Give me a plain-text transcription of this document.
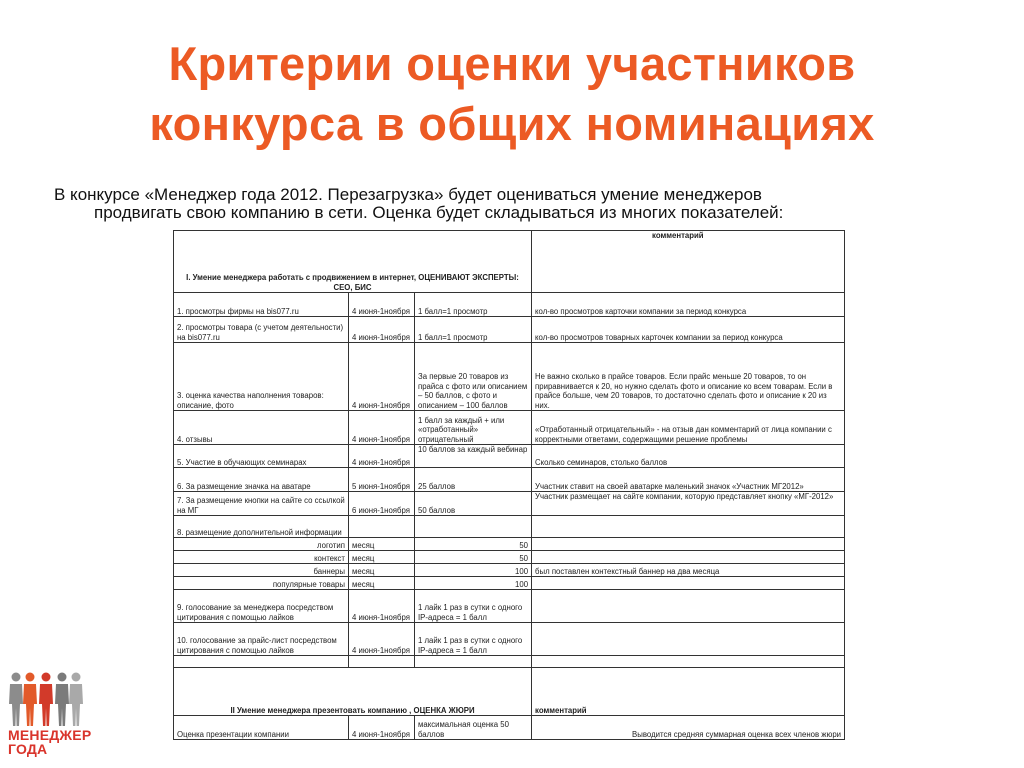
Критерии оценки участников
конкурса в общих номинациях
В конкурсе «Менеджер года 2012. Перезагрузка» будет оцениваться умение менеджеров
продвигать свою компанию в сети. Оценка будет складываться из многих показателей:
I. Умение менеджера работать с продвижением в интернет, ОЦЕНИВАЮТ ЭКСПЕРТЫ: СЕО, БИС			комментарий
1. просмотры фирмы на bis077.ru	4 июня-1ноября	1 балл=1 просмотр	кол-во просмотров карточки компании за период конкурса
2. просмотры товара (с учетом деятельности) на bis077.ru	4 июня-1ноября	1 балл=1 просмотр	кол-во просмотров товарных карточек компании за период конкурса
3. оценка качества наполнения товаров: описание, фото	4 июня-1ноября	За первые 20 товаров из прайса с фото или описанием – 50 баллов, с фото и описанием – 100 баллов	Не важно сколько в прайсе товаров. Если прайс меньше 20 товаров, то он приравнивается к 20, но нужно сделать фото и описание ко всем товарам. Если в прайсе больше, чем 20 товаров, то достаточно сделать фото и описание к 20 из них.
4. отзывы	4 июня-1ноября	1 балл за каждый + или «отработанный» отрицательный	«Отработанный отрицательный» - на отзыв дан комментарий от лица компании с корректными ответами, содержащими решение проблемы
5. Участие в обучающих семинарах	4 июня-1ноября	10 баллов за каждый вебинар	Сколько семинаров, столько баллов
6. За размещение значка на аватаре	5 июня-1ноября	25 баллов	Участник ставит на своей аватарке маленький значок «Участник МГ2012»
7. За размещение кнопки на сайте со ссылкой на МГ	6 июня-1ноября	50 баллов	Участник размещает на сайте компании, которую представляет кнопку «МГ-2012»
8. размещение дополнительной информации			
логотип	месяц	50	
контекст	месяц	50	
баннеры	месяц	100	был поставлен контекстный баннер на два месяца
популярные товары	месяц	100	
9. голосование за менеджера посредством цитирования с помощью лайков	4 июня-1ноября	1 лайк 1 раз в сутки с одного IP-адреса = 1 балл	
10. голосование за прайс-лист посредством цитирования с помощью лайков	4 июня-1ноября	1 лайк 1 раз в сутки с одного IP-адреса = 1 балл	

II Умение менеджера презентовать компанию , ОЦЕНКА ЖЮРИ			комментарий
Оценка презентации компании	4 июня-1ноября	максимальная оценка 50 баллов	Выводится средняя суммарная оценка всех членов жюри
МЕНЕДЖЕР
ГОДА
